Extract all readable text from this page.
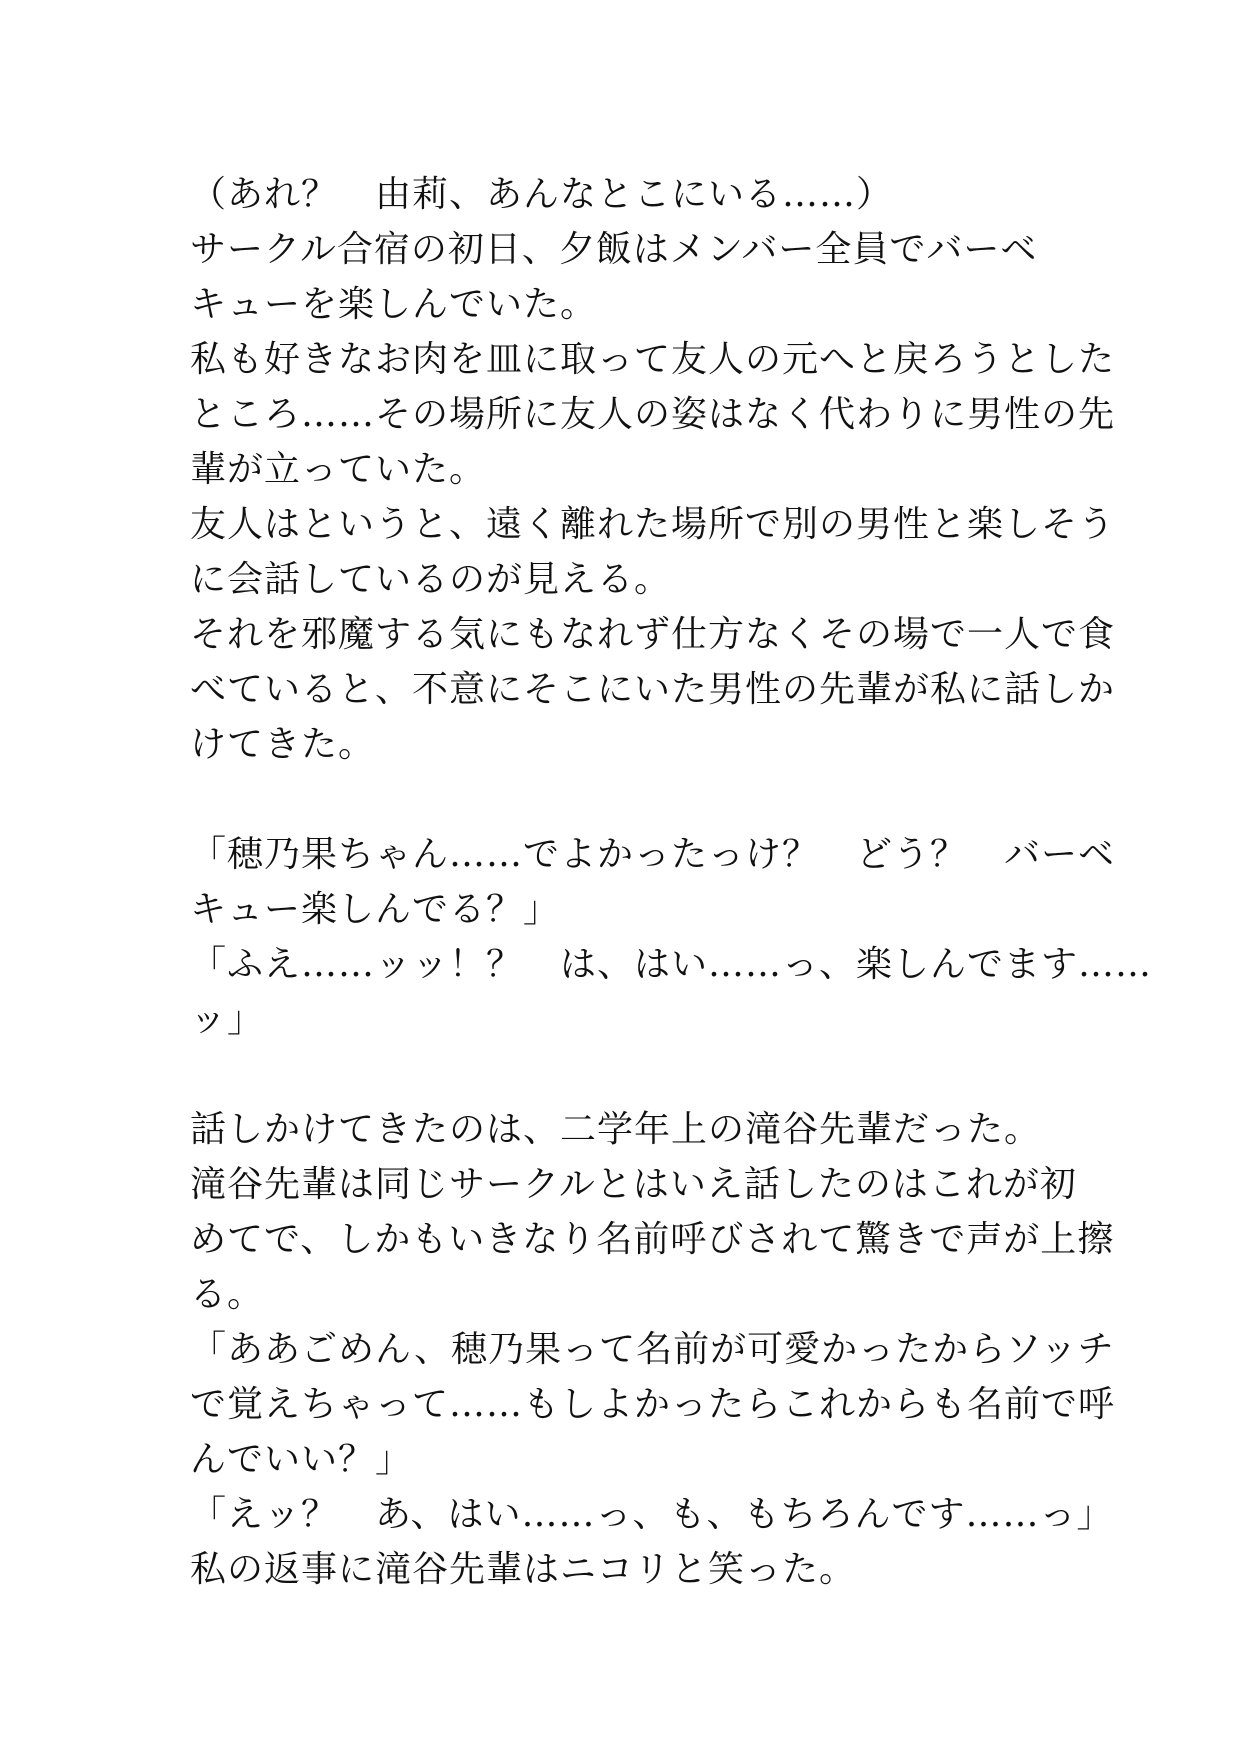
（あれ？　由莉、あんなとこにいる……）
サークル合宿の初日、夕飯はメンバー全員でバーベ
キューを楽しんでいた。
私も好きなお肉を皿に取って友人の元へと戻ろうとした
ところ……その場所に友人の姿はなく代わりに男性の先
輩が立っていた。
友人はというと、遠く離れた場所で別の男性と楽しそう
に会話しているのが見える。
それを邪魔する気にもなれず仕方なくその場で一人で食
べていると、不意にそこにいた男性の先輩が私に話しか
けてきた。
「穂乃果ちゃん……でよかったっけ？　どう？　バーベ
キュー楽しんでる？」
「ふえ……ッッ！？　は、はい……っ、楽しんでます……
ッ」
話しかけてきたのは、二学年上の滝谷先輩だった。
滝谷先輩は同じサークルとはいえ話したのはこれが初
めてで、しかもいきなり名前呼びされて驚きで声が上擦
る。
「ああごめん、穂乃果って名前が可愛かったからソッチ
で覚えちゃって……もしよかったらこれからも名前で呼
んでいい？」
「えッ？　あ、はい……っ、も、もちろんです……っ」
私の返事に滝谷先輩はニコリと笑った。
